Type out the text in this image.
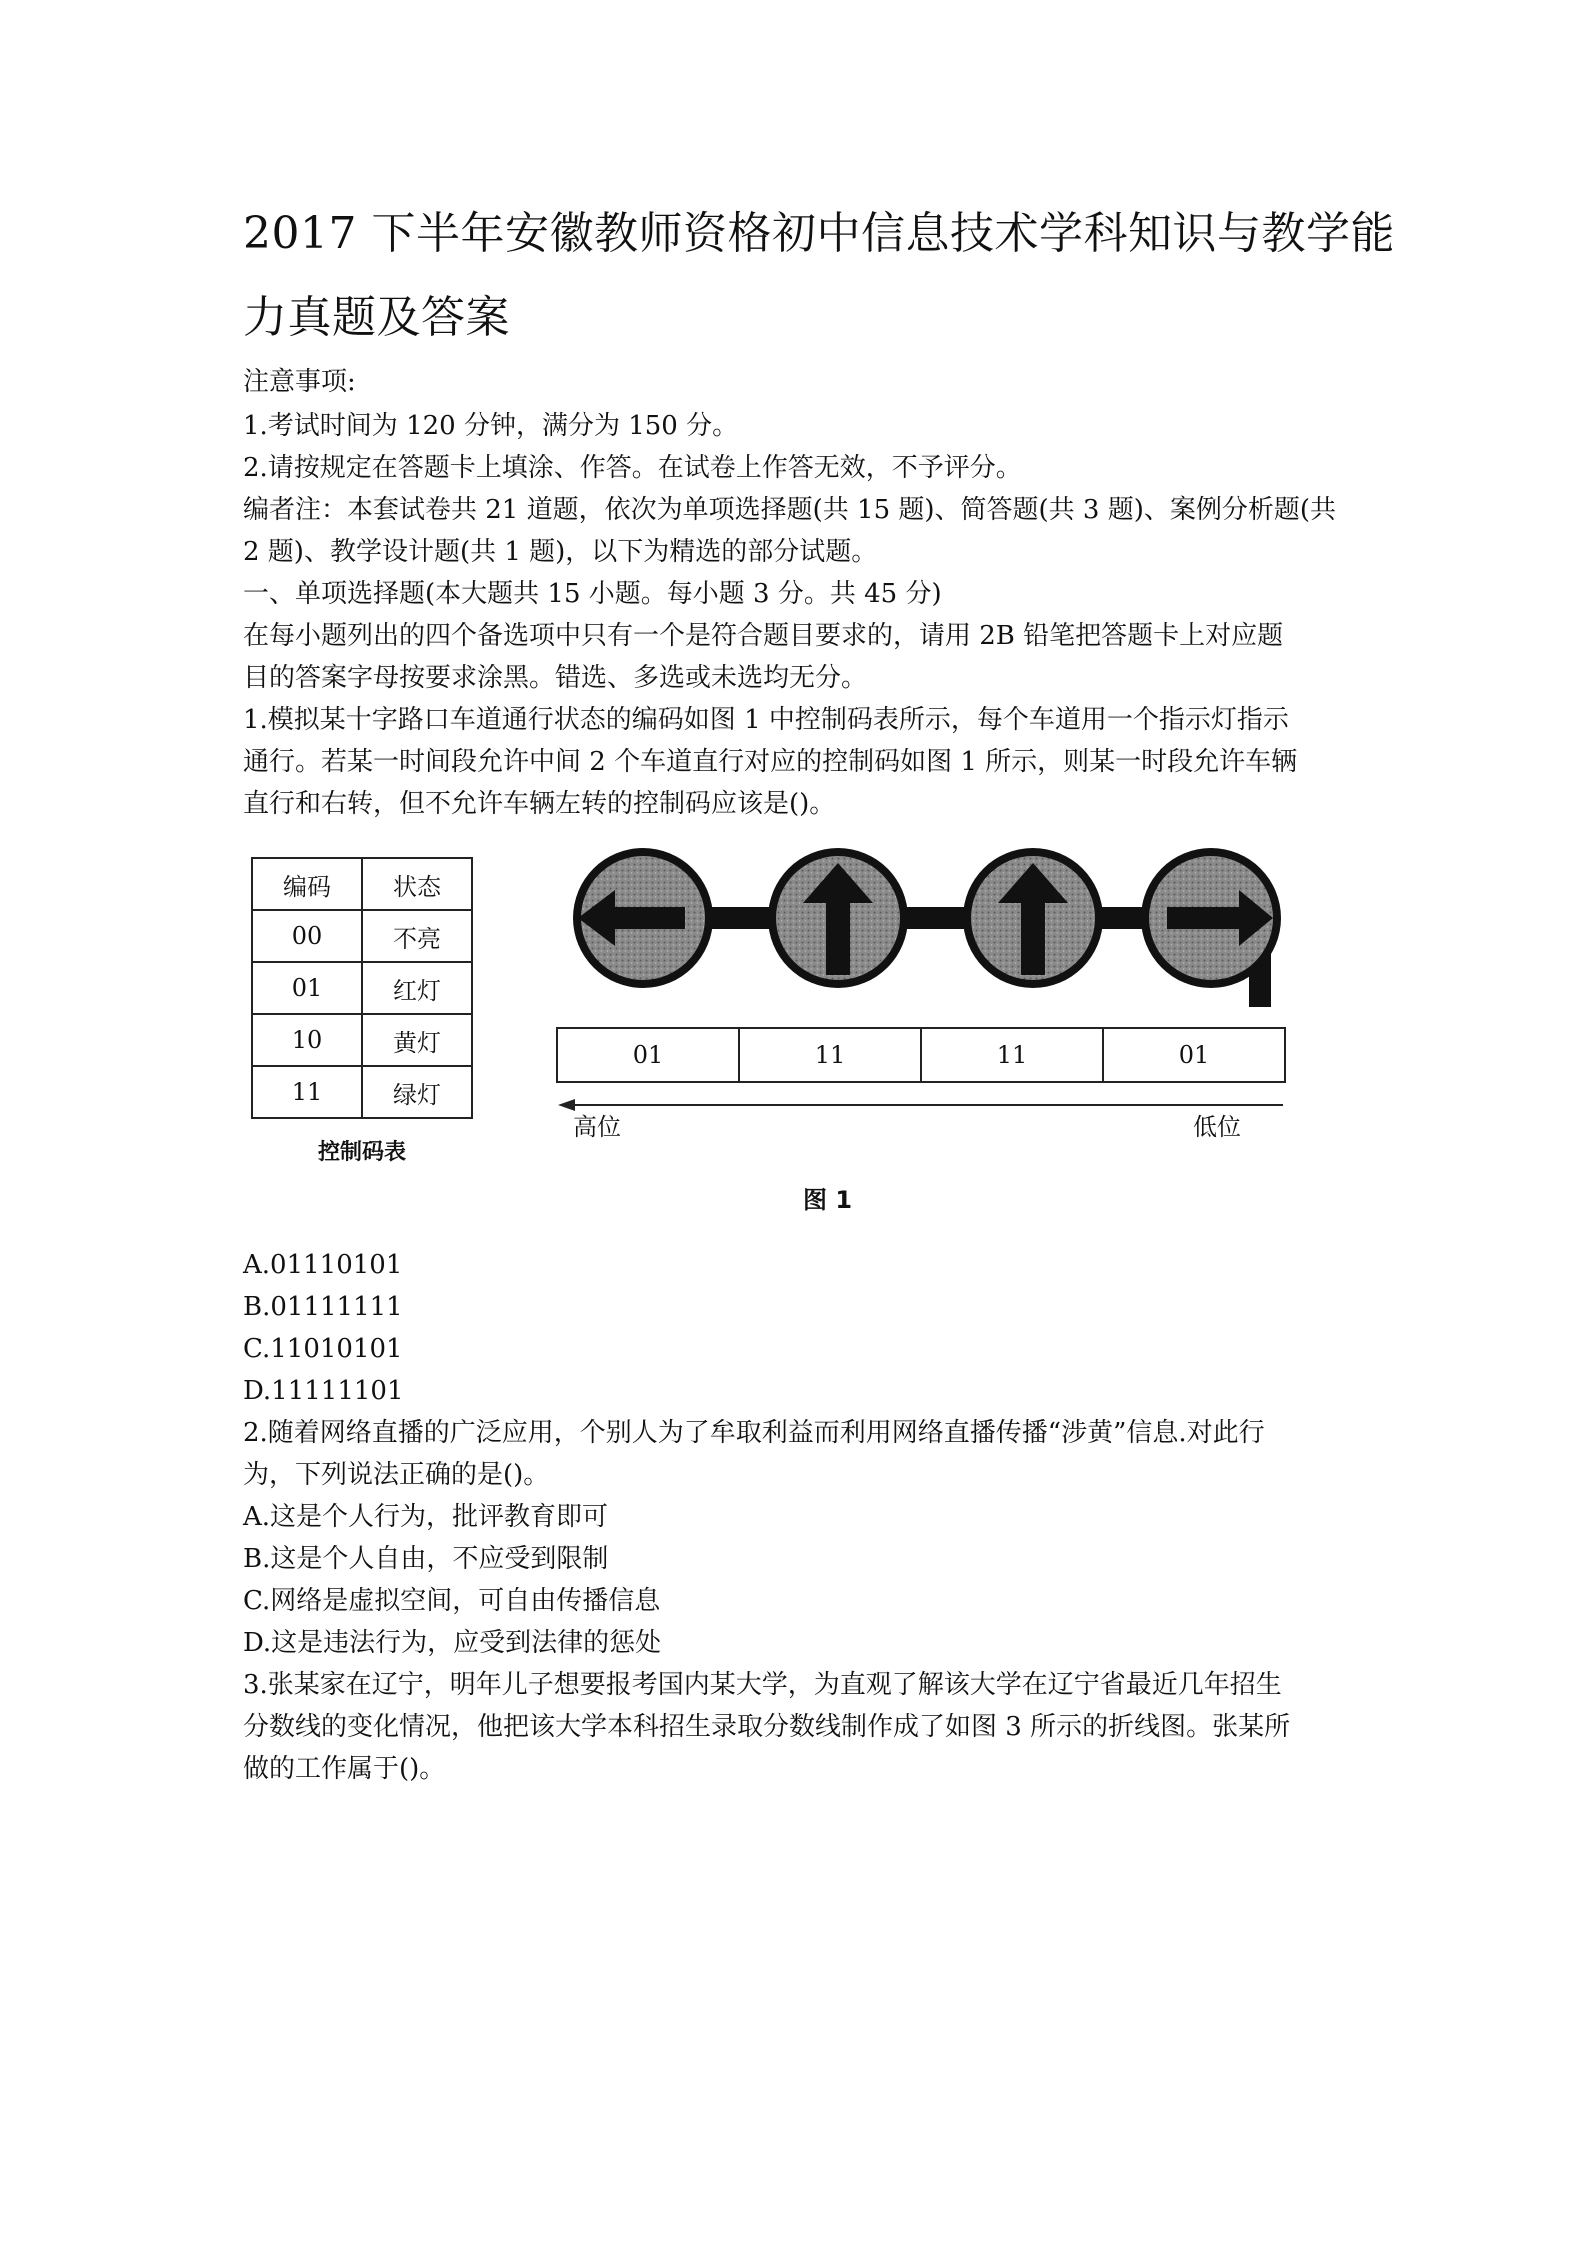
2017 下半年安徽教师资格初中信息技术学科知识与教学能
力真题及答案
注意事项:
1.考试时间为 120 分钟，满分为 150 分。
2.请按规定在答题卡上填涂、作答。在试卷上作答无效，不予评分。
编者注：本套试卷共 21 道题，依次为单项选择题(共 15 题)、简答题(共 3 题)、案例分析题(共
2 题)、教学设计题(共 1 题)，以下为精选的部分试题。
一、单项选择题(本大题共 15 小题。每小题 3 分。共 45 分)
在每小题列出的四个备选项中只有一个是符合题目要求的，请用 2B 铅笔把答题卡上对应题
目的答案字母按要求涂黑。错选、多选或未选均无分。
1.模拟某十字路口车道通行状态的编码如图 1 中控制码表所示，每个车道用一个指示灯指示
通行。若某一时间段允许中间 2 个车道直行对应的控制码如图 1 所示，则某一时段允许车辆
直行和右转，但不允许车辆左转的控制码应该是()。
A.01110101
B.01111111
C.11010101
D.11111101
2.随着网络直播的广泛应用，个别人为了牟取利益而利用网络直播传播“涉黄”信息.对此行
为，下列说法正确的是()。
A.这是个人行为，批评教育即可
B.这是个人自由，不应受到限制
C.网络是虚拟空间，可自由传播信息
D.这是违法行为，应受到法律的惩处
3.张某家在辽宁，明年儿子想要报考国内某大学，为直观了解该大学在辽宁省最近几年招生
分数线的变化情况，他把该大学本科招生录取分数线制作成了如图 3 所示的折线图。张某所
做的工作属于()。
编码	状态
00	不亮
01	红灯
10	黄灯
11	绿灯
控制码表
01	11	11	01
高位	低位
图 1
